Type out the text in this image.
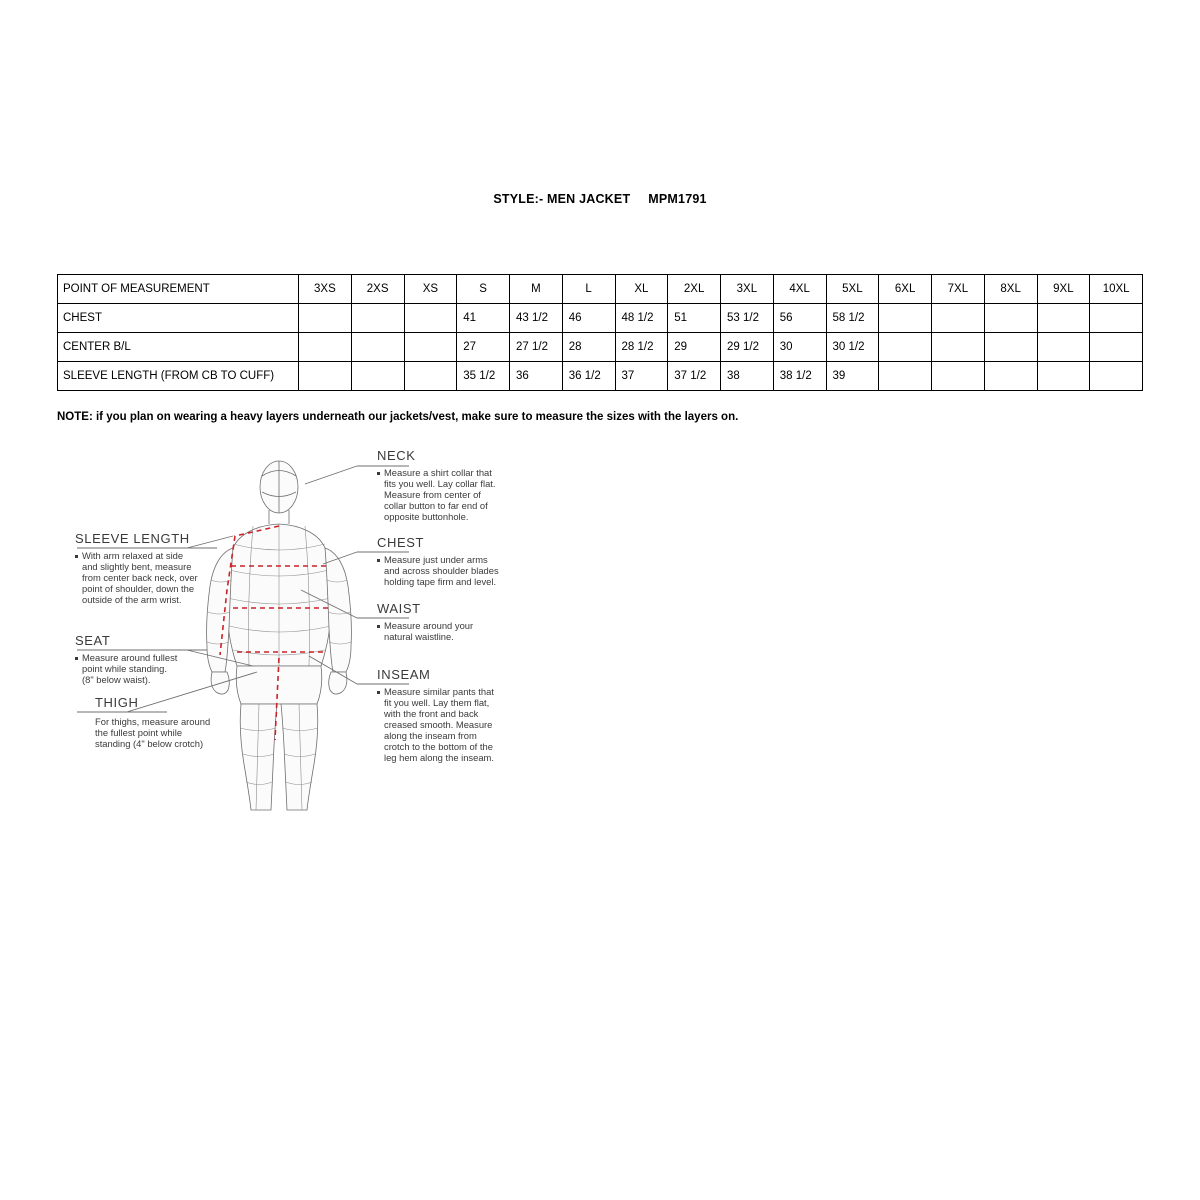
STYLE:- MEN JACKET MPM1791
POINT OF MEASUREMENT	3XS	2XS	XS	S	M	L	XL	2XL	3XL	4XL	5XL	6XL	7XL	8XL	9XL	10XL
CHEST				41	43 1/2	46	48 1/2	51	53 1/2	56	58 1/2					
CENTER B/L				27	27 1/2	28	28 1/2	29	29 1/2	30	30 1/2					
SLEEVE LENGTH (FROM CB TO CUFF)				35 1/2	36	36 1/2	37	37 1/2	38	38 1/2	39					
NOTE: if you plan on wearing a heavy layers underneath our jackets/vest, make sure to measure the sizes with the layers on.
NECK
Measure a shirt collar that
fits you well. Lay collar flat.
Measure from center of
collar button to far end of
opposite buttonhole.
CHEST
Measure just under arms
and across shoulder blades
holding tape firm and level.
WAIST
Measure around your
natural waistline.
INSEAM
Measure similar pants that
fit you well. Lay them flat,
with the front and back
creased smooth. Measure
along the inseam from
crotch to the bottom of the
leg hem along the inseam.
SLEEVE LENGTH
With arm relaxed at side
and slightly bent, measure
from center back neck, over
point of shoulder, down the
outside of the arm wrist.
SEAT
Measure around fullest
point while standing.
(8" below waist).
THIGH
For thighs, measure around
the fullest point while
standing (4" below crotch)
